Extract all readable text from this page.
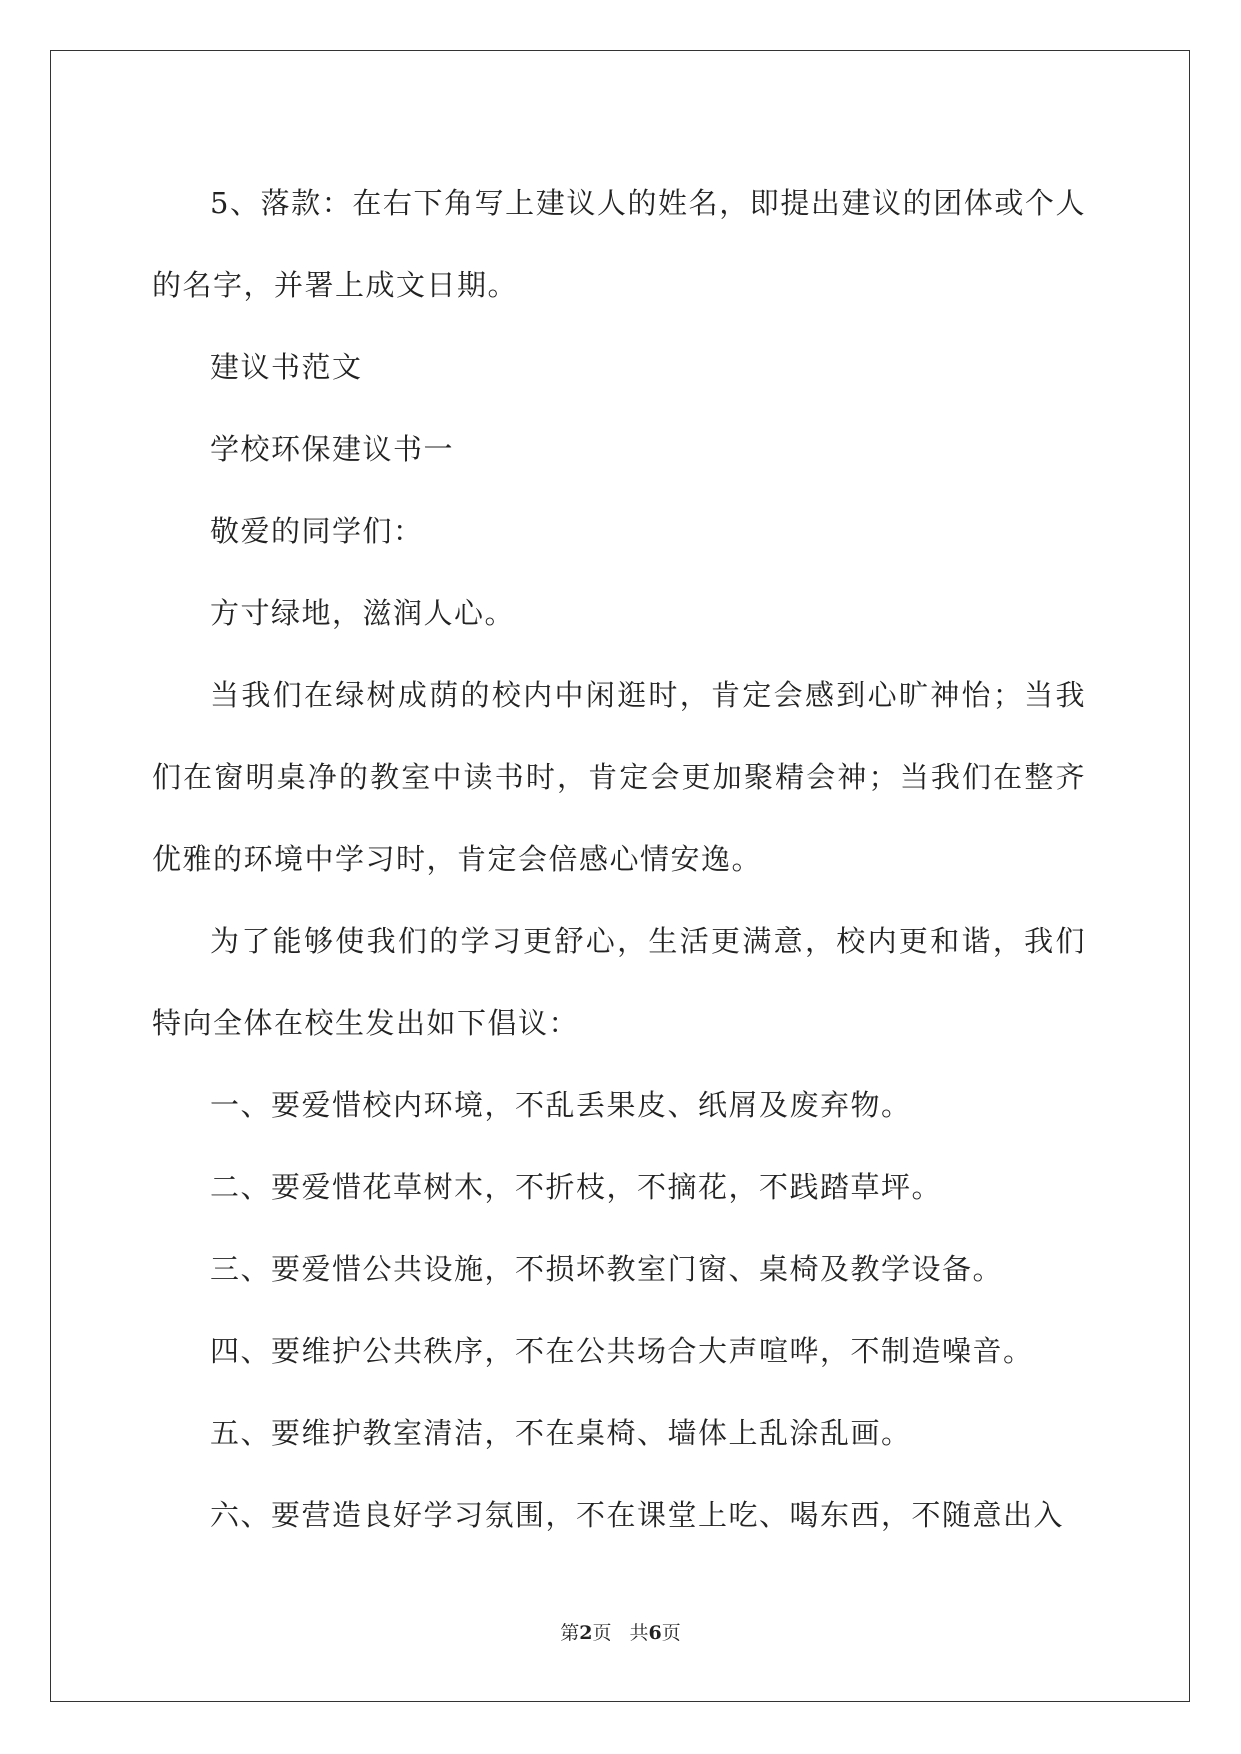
5、落款：在右下角写上建议人的姓名，即提出建议的团体或个人的名字，并署上成文日期。

建议书范文

学校环保建议书一

敬爱的同学们：

方寸绿地，滋润人心。

当我们在绿树成荫的校内中闲逛时，肯定会感到心旷神怡；当我们在窗明桌净的教室中读书时，肯定会更加聚精会神；当我们在整齐优雅的环境中学习时，肯定会倍感心情安逸。

为了能够使我们的学习更舒心，生活更满意，校内更和谐，我们特向全体在校生发出如下倡议：

一、要爱惜校内环境，不乱丢果皮、纸屑及废弃物。

二、要爱惜花草树木，不折枝，不摘花，不践踏草坪。

三、要爱惜公共设施，不损坏教室门窗、桌椅及教学设备。

四、要维护公共秩序，不在公共场合大声喧哗，不制造噪音。

五、要维护教室清洁，不在桌椅、墙体上乱涂乱画。

六、要营造良好学习氛围，不在课堂上吃、喝东西，不随意出入

第2页 共6页
